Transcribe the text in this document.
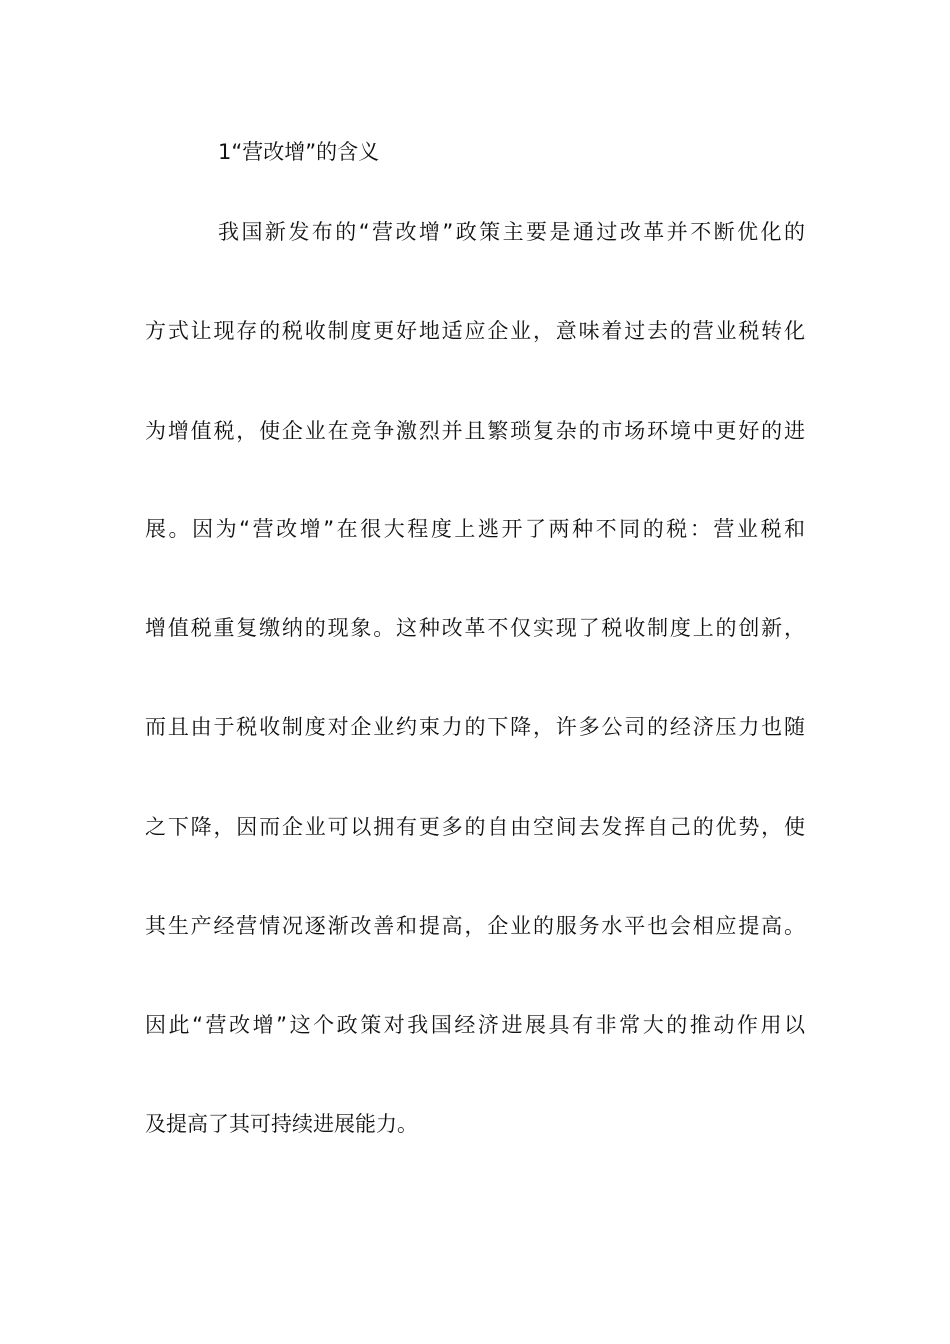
1“营改增”的含义
我国新发布的“营改增”政策主要是通过改革并不断优化的
方式让现存的税收制度更好地适应企业，意味着过去的营业税转化
为增值税，使企业在竞争激烈并且繁琐复杂的市场环境中更好的进
展。因为“营改增”在很大程度上逃开了两种不同的税：营业税和
增值税重复缴纳的现象。这种改革不仅实现了税收制度上的创新，
而且由于税收制度对企业约束力的下降，许多公司的经济压力也随
之下降，因而企业可以拥有更多的自由空间去发挥自己的优势，使
其生产经营情况逐渐改善和提高，企业的服务水平也会相应提高。
因此“营改增”这个政策对我国经济进展具有非常大的推动作用以
及提高了其可持续进展能力。
